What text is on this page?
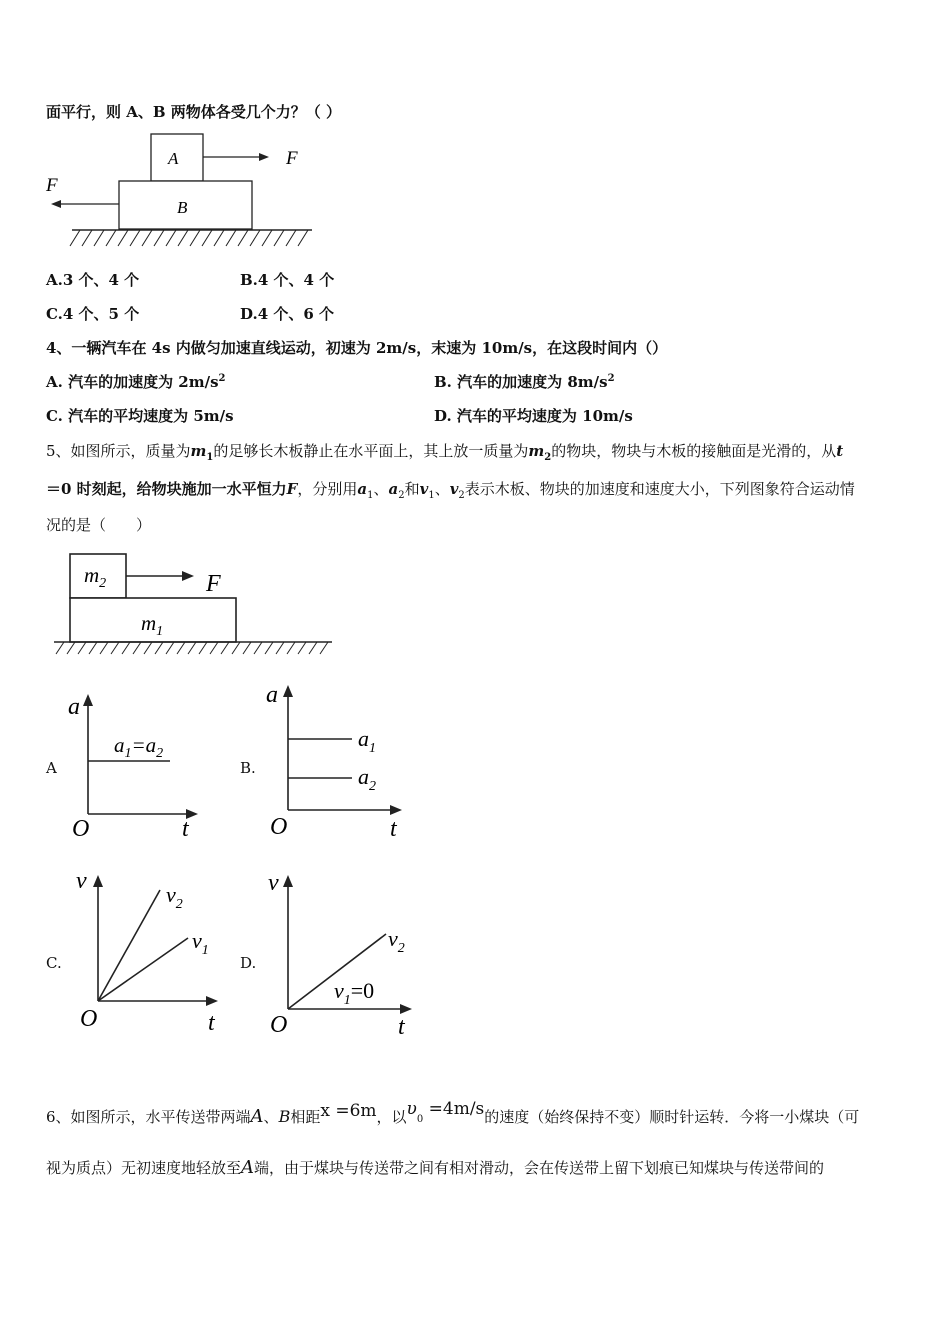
面平行，则 A、B 两物体各受几个力？（ ）
A
B
F
F
A.3 个、4 个	B.4 个、4 个
C.4 个、5 个	D.4 个、6 个
4、一辆汽车在 4s 内做匀加速直线运动，初速为 2m/s，末速为 10m/s，在这段时间内（）
A. 汽车的加速度为 $2m/s^2$	B. 汽车的加速度为 $8m/s^2$
C. 汽车的平均速度为 5m/s	D. 汽车的平均速度为 10m/s
5、如图所示，质量为$m_1$的足够长木板静止在水平面上，其上放一质量为$m_2$的物块，物块与木板的接触面是光滑的，从t
＝0 时刻起，给物块施加一水平恒力F，分别用$a_1$、$a_2$和$v_1$、$v_2$表示木板、物块的加速度和速度大小，下列图象符合运动情
况的是（　　）
$m_2$
$m_1$
F
A
a
t
O
$a_1=a_2$
B.
a
t
O
$a_1$
$a_2$
C.
v
t
O
$v_2$
$v_1$
D.
v
t
O
$v_2$
$v_1=0$
6、如图所示，水平传送带两端A、B相距x =6m，以$\upsilon_0 =4m/s$的速度（始终保持不变）顺时针运转．今将一小煤块（可
视为质点）无初速度地轻放至A端，由于煤块与传送带之间有相对滑动，会在传送带上留下划痕已知煤块与传送带间的
